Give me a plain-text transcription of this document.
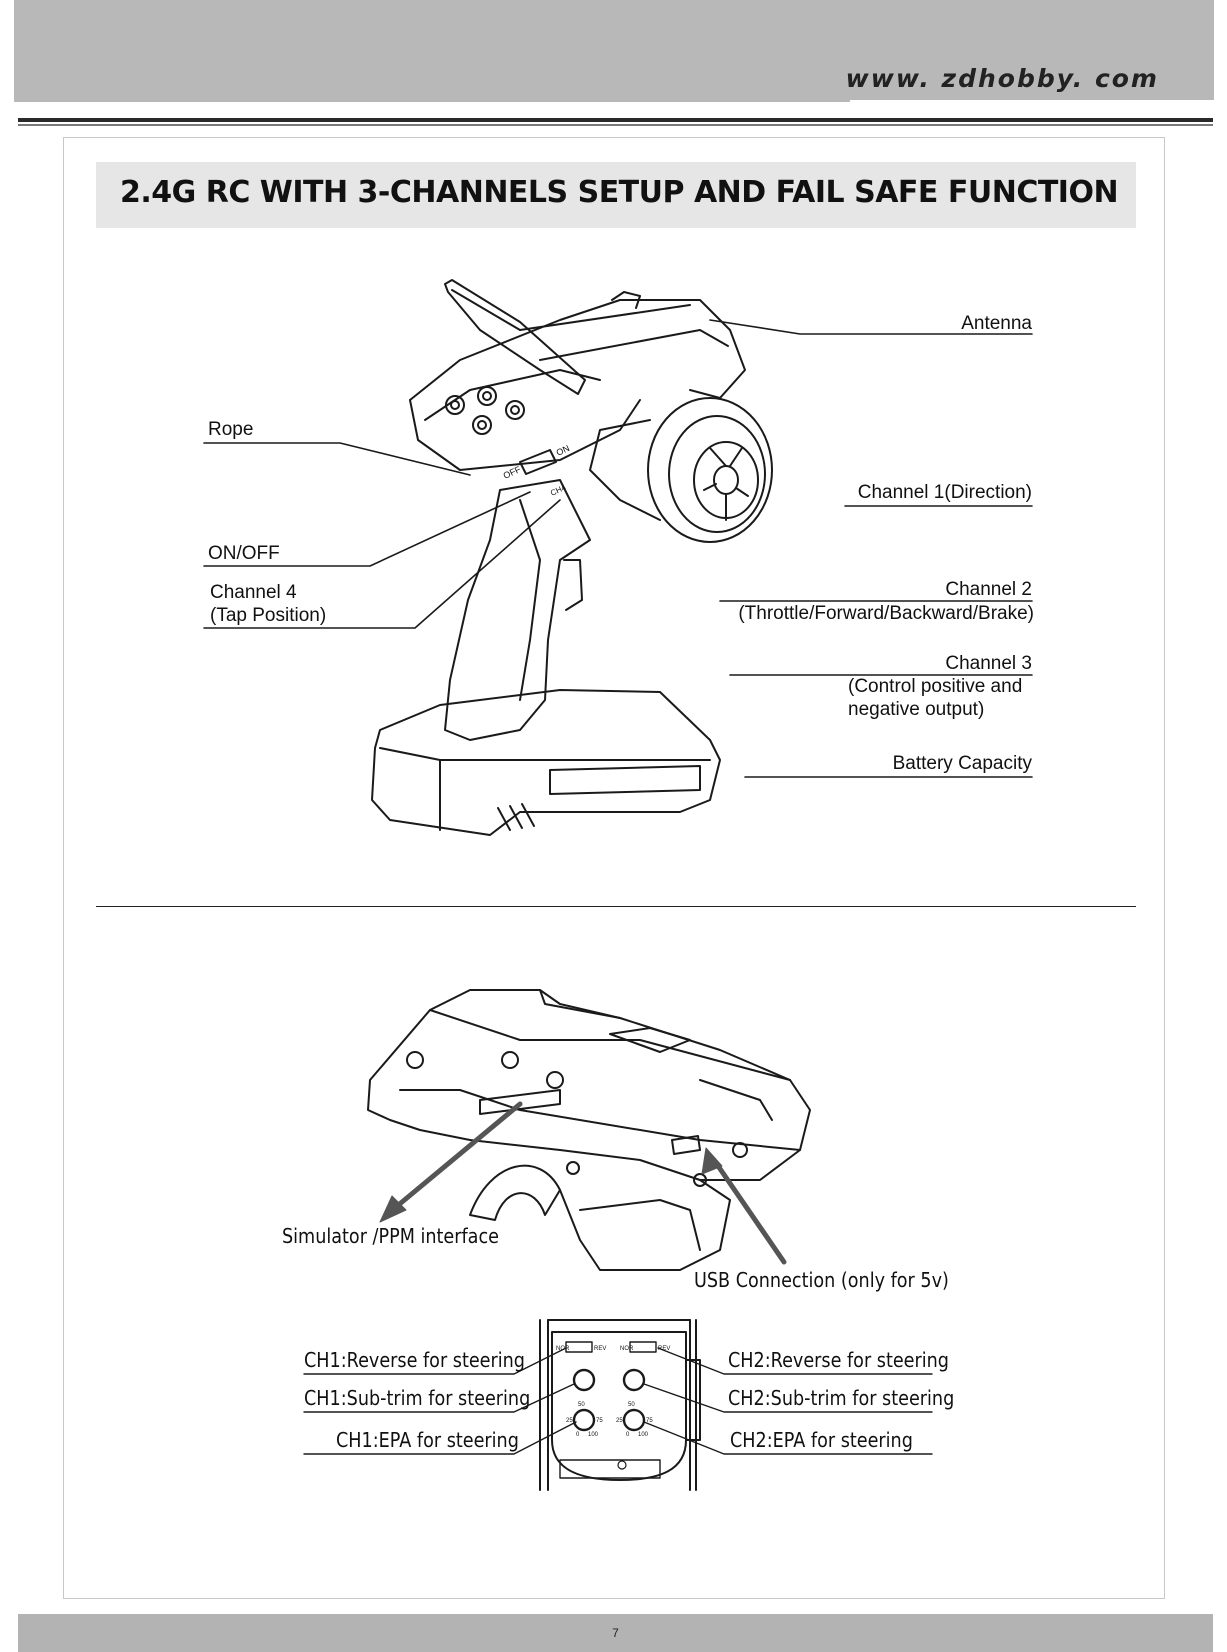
www. zdhobby. com
2.4G RC WITH 3-CHANNELS SETUP AND FAIL SAFE FUNCTION
OFF
ON
CH4
NOR	REV NOR	REV
50	50
25	75 25	75
0 100	0 100
Antenna
Rope
Channel 1(Direction)
ON/OFF
Channel 4
(Tap Position)
Channel 2
(Throttle/Forward/Backward/Brake)
Channel 3
(Control positive and
negative output)
Battery Capacity
Simulator /PPM interface
USB Connection (only for 5v)
CH1:Reverse for steering
CH1:Sub-trim for steering
CH1:EPA for steering
CH2:Reverse for steering
CH2:Sub-trim for steering
CH2:EPA for steering
7
